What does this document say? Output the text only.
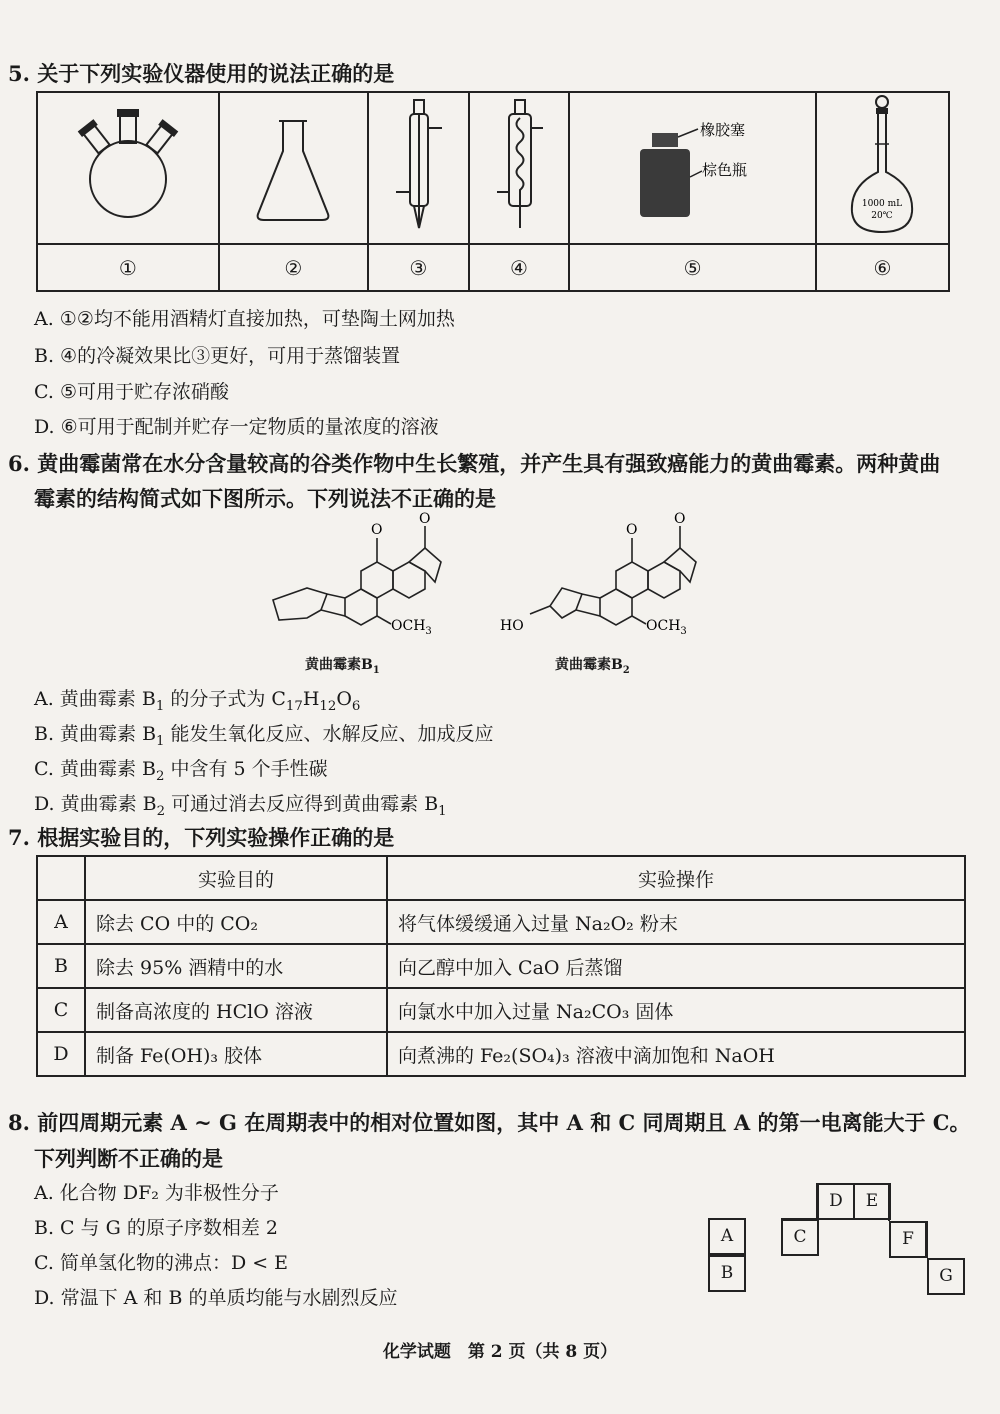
5. 关于下列实验仪器使用的说法正确的是

橡胶塞
棕色瓶	1000 mL
20℃

①	②	③	④	⑤	⑥
A. ①②均不能用酒精灯直接加热，可垫陶土网加热
B. ④的冷凝效果比③更好，可用于蒸馏装置
C. ⑤可用于贮存浓硝酸
D. ⑥可用于配制并贮存一定物质的量浓度的溶液
6. 黄曲霉菌常在水分含量较高的谷类作物中生长繁殖，并产生具有强致癌能力的黄曲霉素。两种黄曲
霉素的结构简式如下图所示。下列说法不正确的是
O
O
$OCH_3$
O
O
HO	$OCH_3$
黄曲霉素$B_1$	黄曲霉素$B_2$
A. 黄曲霉素 $B_1$ 的分子式为 $C_{17}H_{12}O_6$
B. 黄曲霉素 $B_1$ 能发生氧化反应、水解反应、加成反应
C. 黄曲霉素 $B_2$ 中含有 5 个手性碳
D. 黄曲霉素 $B_2$ 可通过消去反应得到黄曲霉素 $B_1$
7. 根据实验目的，下列实验操作正确的是
	实验目的	实验操作
A	除去 CO 中的 CO₂	将气体缓缓通入过量 Na₂O₂ 粉末
B	除去 95% 酒精中的水	向乙醇中加入 CaO 后蒸馏
C	制备高浓度的 HClO 溶液	向氯水中加入过量 Na₂CO₃ 固体
D	制备 Fe(OH)₃ 胶体	向煮沸的 Fe₂(SO₄)₃ 溶液中滴加饱和 NaOH
8. 前四周期元素 A ~ G 在周期表中的相对位置如图，其中 A 和 C 同周期且 A 的第一电离能大于 C。
下列判断不正确的是
A. 化合物 DF₂ 为非极性分子
B. C 与 G 的原子序数相差 2
C. 简单氢化物的沸点：D < E
D. 常温下 A 和 B 的单质均能与水剧烈反应
A
B
C
D	E
F
G
化学试题　第 2 页（共 8 页）
